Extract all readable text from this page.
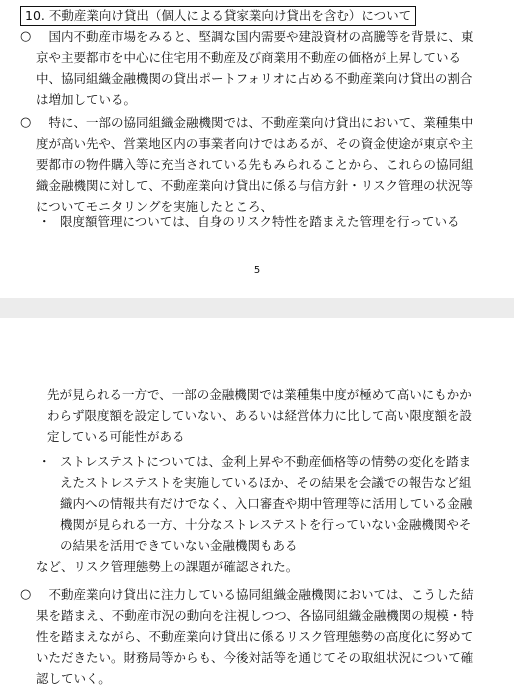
10. 不動産業向け貸出（個人による貸家業向け貸出を含む）について
○ 　国内不動産市場をみると、堅調な国内需要や建設資材の高騰等を背景に、東京や主要都市を中心に住宅用不動産及び商業用不動産の価格が上昇している中、協同組織金融機関の貸出ポートフォリオに占める不動産業向け貸出の割合は増加している。

○ 　特に、一部の協同組織金融機関では、不動産業向け貸出において、業種集中度が高い先や、営業地区内の事業者向けではあるが、その資金使途が東京や主要都市の物件購入等に充当されている先もみられることから、これらの協同組織金融機関に対して、不動産業向け貸出に係る与信方針・リスク管理の状況等についてモニタリングを実施したところ、

・ 限度額管理については、自身のリスク特性を踏まえた管理を行っている

5

先が見られる一方で、一部の金融機関では業種集中度が極めて高いにもかかわらず限度額を設定していない、あるいは経営体力に比して高い限度額を設定している可能性がある

・ ストレステストについては、金利上昇や不動産価格等の情勢の変化を踏まえたストレステストを実施しているほか、その結果を会議での報告など組織内への情報共有だけでなく、入口審査や期中管理等に活用している金融機関が見られる一方、十分なストレステストを行っていない金融機関やその結果を活用できていない金融機関もある

など、リスク管理態勢上の課題が確認された。

○ 　不動産業向け貸出に注力している協同組織金融機関においては、こうした結果を踏まえ、不動産市況の動向を注視しつつ、各協同組織金融機関の規模・特性を踏まえながら、不動産業向け貸出に係るリスク管理態勢の高度化に努めていただきたい。財務局等からも、今後対話等を通じてその取組状況について確認していく。
